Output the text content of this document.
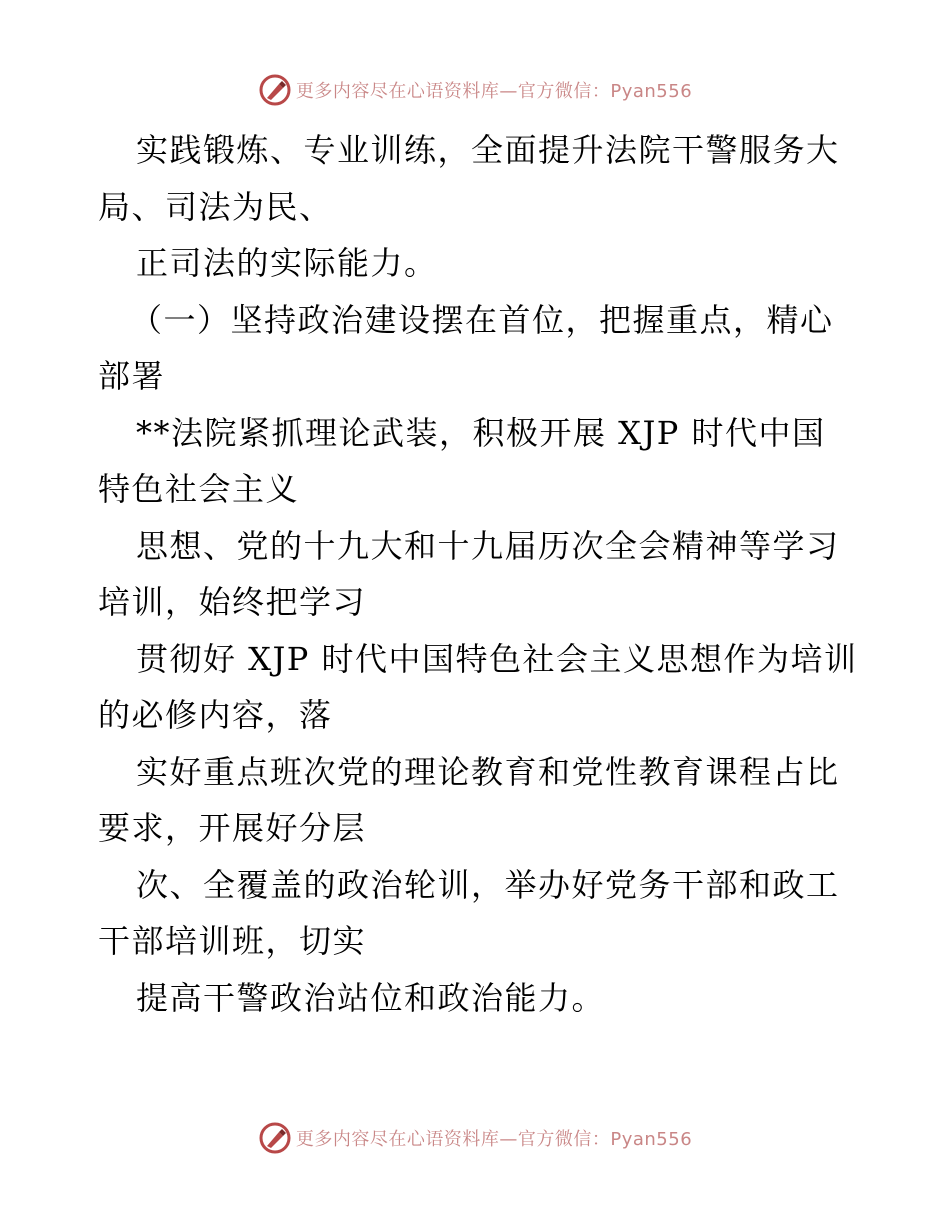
更多内容尽在心语资料库—官方微信：Pyan556

实践锻炼、专业训练，全面提升法院干警服务大局、司法为民、

正司法的实际能力。

（一）坚持政治建设摆在首位，把握重点，精心部署

**法院紧抓理论武装，积极开展 XJP 时代中国特色社会主义

思想、党的十九大和十九届历次全会精神等学习培训，始终把学习

贯彻好 XJP 时代中国特色社会主义思想作为培训的必修内容，落

实好重点班次党的理论教育和党性教育课程占比要求，开展好分层

次、全覆盖的政治轮训，举办好党务干部和政工干部培训班，切实

提高干警政治站位和政治能力。

更多内容尽在心语资料库—官方微信：Pyan556
